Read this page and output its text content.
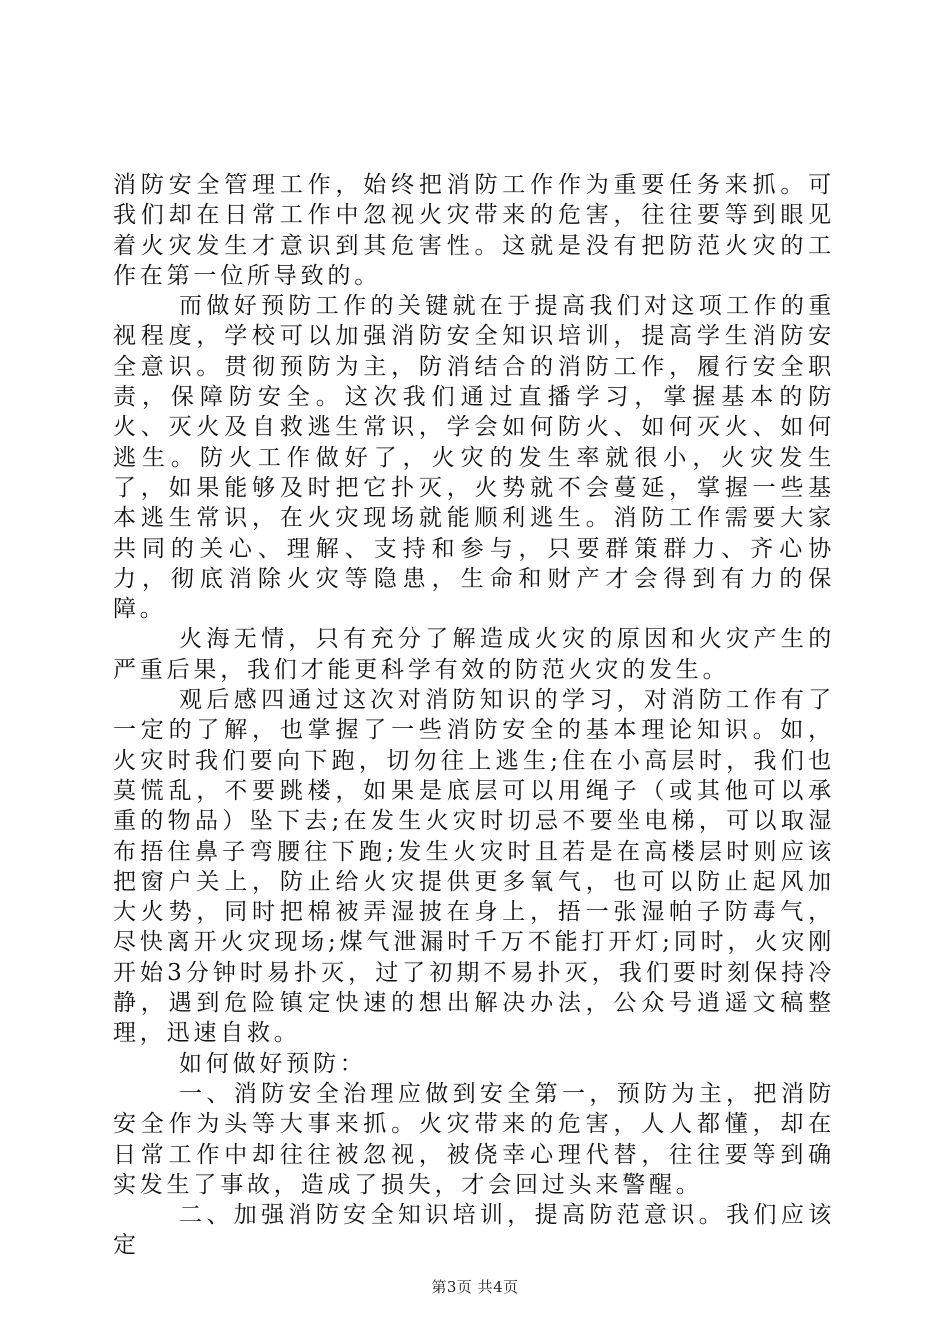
消防安全管理工作，始终把消防工作作为重要任务来抓。可我们却在日常工作中忽视火灾带来的危害，往往要等到眼见着火灾发生才意识到其危害性。这就是没有把防范火灾的工作在第一位所导致的。

而做好预防工作的关键就在于提高我们对这项工作的重视程度，学校可以加强消防安全知识培训，提高学生消防安全意识。贯彻预防为主，防消结合的消防工作，履行安全职责，保障防安全。这次我们通过直播学习，掌握基本的防火、灭火及自救逃生常识，学会如何防火、如何灭火、如何逃生。防火工作做好了，火灾的发生率就很小，火灾发生了，如果能够及时把它扑灭，火势就不会蔓延，掌握一些基本逃生常识，在火灾现场就能顺利逃生。消防工作需要大家共同的关心、理解、支持和参与，只要群策群力、齐心协力，彻底消除火灾等隐患，生命和财产才会得到有力的保障。

火海无情，只有充分了解造成火灾的原因和火灾产生的严重后果，我们才能更科学有效的防范火灾的发生。

观后感四通过这次对消防知识的学习，对消防工作有了一定的了解，也掌握了一些消防安全的基本理论知识。如，火灾时我们要向下跑，切勿往上逃生;住在小高层时，我们也莫慌乱，不要跳楼，如果是底层可以用绳子（或其他可以承重的物品）坠下去;在发生火灾时切忌不要坐电梯，可以取湿布捂住鼻子弯腰往下跑;发生火灾时且若是在高楼层时则应该把窗户关上，防止给火灾提供更多氧气，也可以防止起风加大火势，同时把棉被弄湿披在身上，捂一张湿帕子防毒气，尽快离开火灾现场;煤气泄漏时千万不能打开灯;同时，火灾刚开始3分钟时易扑灭，过了初期不易扑灭，我们要时刻保持冷静，遇到危险镇定快速的想出解决办法，公众号逍遥文稿整理，迅速自救。

如何做好预防：

一、消防安全治理应做到安全第一，预防为主，把消防安全作为头等大事来抓。火灾带来的危害，人人都懂，却在日常工作中却往往被忽视，被侥幸心理代替，往往要等到确实发生了事故，造成了损失，才会回过头来警醒。

二、加强消防安全知识培训，提高防范意识。我们应该定

第3页 共4页
